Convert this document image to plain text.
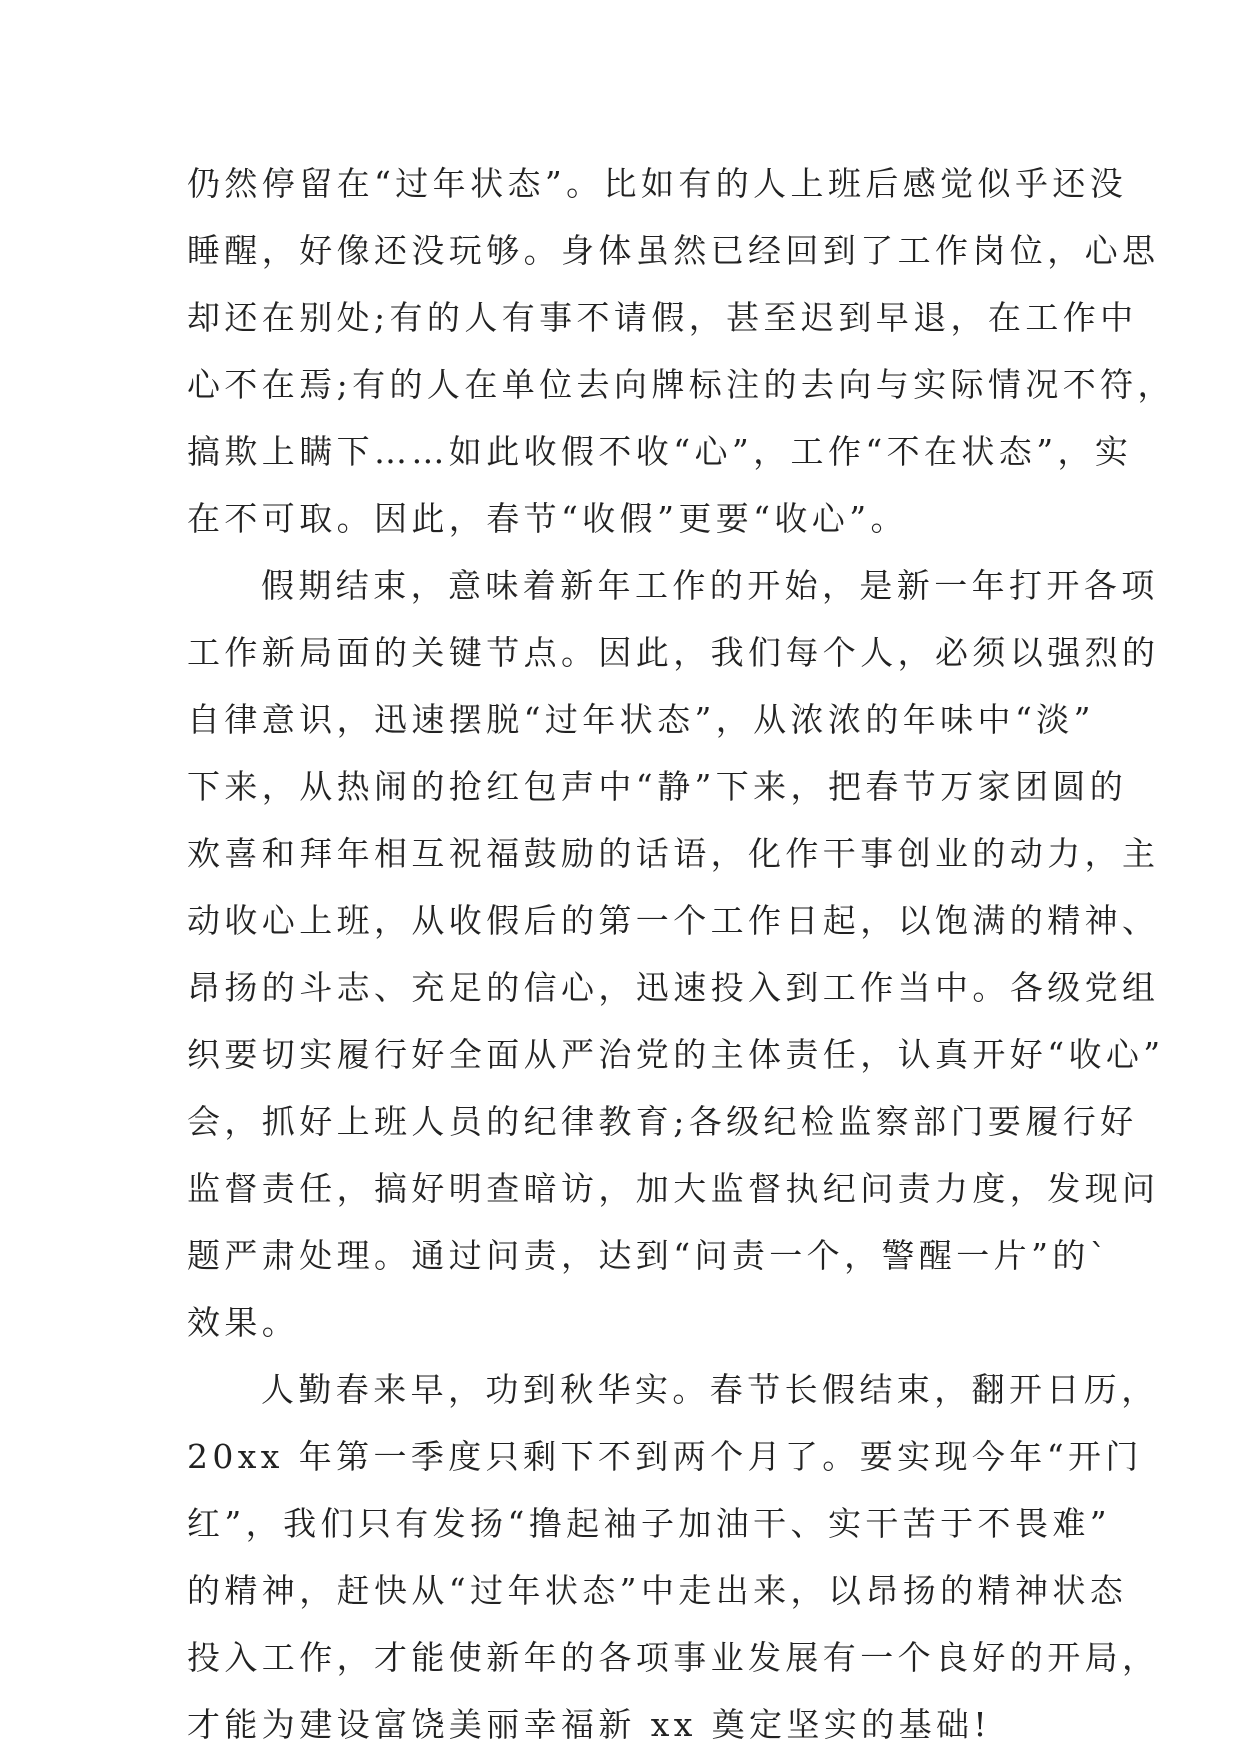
仍然停留在“过年状态”。比如有的人上班后感觉似乎还没
睡醒，好像还没玩够。身体虽然已经回到了工作岗位，心思
却还在别处;有的人有事不请假，甚至迟到早退，在工作中
心不在焉;有的人在单位去向牌标注的去向与实际情况不符，
搞欺上瞒下……如此收假不收“心”，工作“不在状态”，实
在不可取。因此，春节“收假”更要“收心”。
假期结束，意味着新年工作的开始，是新一年打开各项
工作新局面的关键节点。因此，我们每个人，必须以强烈的
自律意识，迅速摆脱“过年状态”，从浓浓的年味中“淡”
下来，从热闹的抢红包声中“静”下来，把春节万家团圆的
欢喜和拜年相互祝福鼓励的话语，化作干事创业的动力，主
动收心上班，从收假后的第一个工作日起，以饱满的精神、
昂扬的斗志、充足的信心，迅速投入到工作当中。各级党组
织要切实履行好全面从严治党的主体责任，认真开好“收心”
会，抓好上班人员的纪律教育;各级纪检监察部门要履行好
监督责任，搞好明查暗访，加大监督执纪问责力度，发现问
题严肃处理。通过问责，达到“问责一个，警醒一片”的`
效果。
人勤春来早，功到秋华实。春节长假结束，翻开日历，
20xx 年第一季度只剩下不到两个月了。要实现今年“开门
红”，我们只有发扬“撸起袖子加油干、实干苦于不畏难”
的精神，赶快从“过年状态”中走出来，以昂扬的精神状态
投入工作，才能使新年的各项事业发展有一个良好的开局，
才能为建设富饶美丽幸福新 xx 奠定坚实的基础!
